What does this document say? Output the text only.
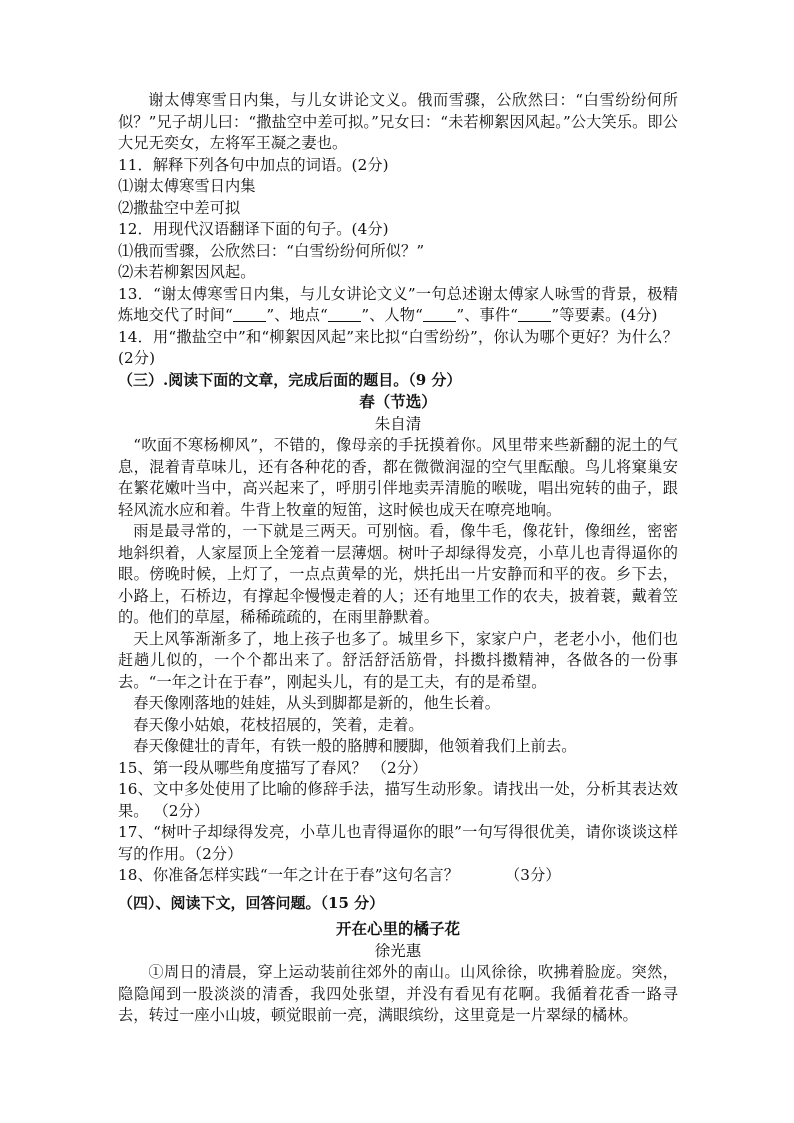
谢太傅寒雪日内集，与儿女讲论文义。俄而雪骤，公欣然曰：“白雪纷纷何所似？”兄子胡儿曰：“撒盐空中差可拟。”兄女曰：“未若柳絮因风起。”公大笑乐。即公大兄无奕女，左将军王凝之妻也。

11．解释下列各句中加点的词语。(2分)

⑴谢太傅寒雪日内集

⑵撒盐空中差可拟

12．用现代汉语翻译下面的句子。(4分)

⑴俄而雪骤，公欣然曰：“白雪纷纷何所似？”

⑵未若柳絮因风起。

13．“谢太傅寒雪日内集，与儿女讲论文义”一句总述谢太傅家人咏雪的背景，极精炼地交代了时间“ ”、地点“ ”、人物“ ”、事件“ ”等要素。(4分)

14．用“撒盐空中”和“柳絮因风起”来比拟“白雪纷纷”，你认为哪个更好？为什么？(2分)

（三）.阅读下面的文章，完成后面的题目。（9 分）

春（节选）

朱自清

“吹面不寒杨柳风”，不错的，像母亲的手抚摸着你。风里带来些新翻的泥土的气息，混着青草味儿，还有各种花的香，都在微微润湿的空气里酝酿。鸟儿将窠巢安在繁花嫩叶当中，高兴起来了，呼朋引伴地卖弄清脆的喉咙，唱出宛转的曲子，跟轻风流水应和着。牛背上牧童的短笛，这时候也成天在嘹亮地响。

雨是最寻常的，一下就是三两天。可别恼。看，像牛毛，像花针，像细丝，密密地斜织着，人家屋顶上全笼着一层薄烟。树叶子却绿得发亮，小草儿也青得逼你的眼。傍晚时候，上灯了，一点点黄晕的光，烘托出一片安静而和平的夜。乡下去，小路上，石桥边，有撑起伞慢慢走着的人；还有地里工作的农夫，披着蓑，戴着笠的。他们的草屋，稀稀疏疏的，在雨里静默着。

天上风筝渐渐多了，地上孩子也多了。城里乡下，家家户户，老老小小，他们也赶趟儿似的，一个个都出来了。舒活舒活筋骨，抖擞抖擞精神，各做各的一份事去。“一年之计在于春”，刚起头儿，有的是工夫，有的是希望。

春天像刚落地的娃娃，从头到脚都是新的，他生长着。

春天像小姑娘，花枝招展的，笑着，走着。

春天像健壮的青年，有铁一般的胳膊和腰脚，他领着我们上前去。

15、第一段从哪些角度描写了春风？ （2分）

16、文中多处使用了比喻的修辞手法，描写生动形象。请找出一处，分析其表达效果。 （2分）

17、“树叶子却绿得发亮，小草儿也青得逼你的眼”一句写得很优美，请你谈谈这样写的作用。（2分）

18、你准备怎样实践“一年之计在于春”这句名言？	（3分）

（四）、阅读下文，回答问题。（15 分）

开在心里的橘子花

徐光惠

①周日的清晨，穿上运动装前往郊外的南山。山风徐徐，吹拂着脸庞。突然，隐隐闻到一股淡淡的清香，我四处张望，并没有看见有花啊。我循着花香一路寻去，转过一座小山坡，顿觉眼前一亮，满眼缤纷，这里竟是一片翠绿的橘林。
